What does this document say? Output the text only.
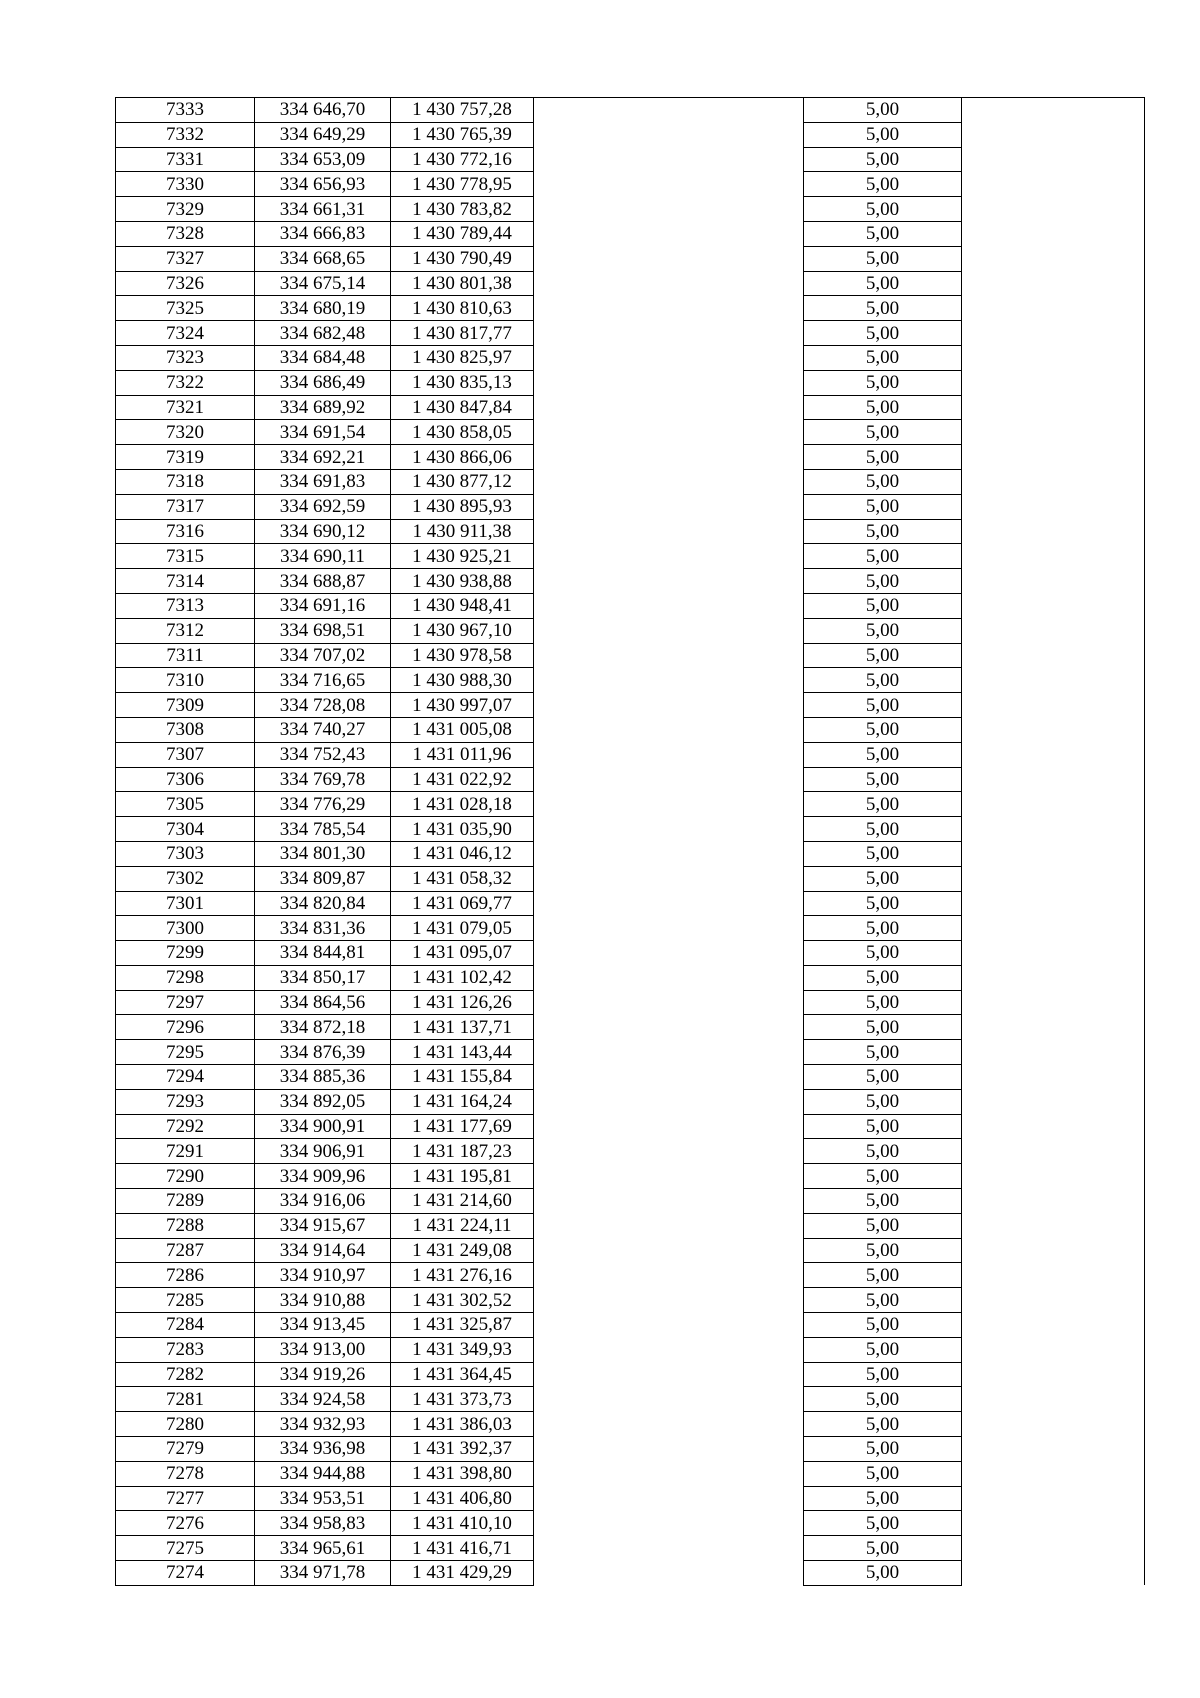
7333	334 646,70	1 430 757,28		5,00	
7332	334 649,29	1 430 765,39		5,00	
7331	334 653,09	1 430 772,16		5,00	
7330	334 656,93	1 430 778,95		5,00	
7329	334 661,31	1 430 783,82		5,00	
7328	334 666,83	1 430 789,44		5,00	
7327	334 668,65	1 430 790,49		5,00	
7326	334 675,14	1 430 801,38		5,00	
7325	334 680,19	1 430 810,63		5,00	
7324	334 682,48	1 430 817,77		5,00	
7323	334 684,48	1 430 825,97		5,00	
7322	334 686,49	1 430 835,13		5,00	
7321	334 689,92	1 430 847,84		5,00	
7320	334 691,54	1 430 858,05		5,00	
7319	334 692,21	1 430 866,06		5,00	
7318	334 691,83	1 430 877,12		5,00	
7317	334 692,59	1 430 895,93		5,00	
7316	334 690,12	1 430 911,38		5,00	
7315	334 690,11	1 430 925,21		5,00	
7314	334 688,87	1 430 938,88		5,00	
7313	334 691,16	1 430 948,41		5,00	
7312	334 698,51	1 430 967,10		5,00	
7311	334 707,02	1 430 978,58		5,00	
7310	334 716,65	1 430 988,30		5,00	
7309	334 728,08	1 430 997,07		5,00	
7308	334 740,27	1 431 005,08		5,00	
7307	334 752,43	1 431 011,96		5,00	
7306	334 769,78	1 431 022,92		5,00	
7305	334 776,29	1 431 028,18		5,00	
7304	334 785,54	1 431 035,90		5,00	
7303	334 801,30	1 431 046,12		5,00	
7302	334 809,87	1 431 058,32		5,00	
7301	334 820,84	1 431 069,77		5,00	
7300	334 831,36	1 431 079,05		5,00	
7299	334 844,81	1 431 095,07		5,00	
7298	334 850,17	1 431 102,42		5,00	
7297	334 864,56	1 431 126,26		5,00	
7296	334 872,18	1 431 137,71		5,00	
7295	334 876,39	1 431 143,44		5,00	
7294	334 885,36	1 431 155,84		5,00	
7293	334 892,05	1 431 164,24		5,00	
7292	334 900,91	1 431 177,69		5,00	
7291	334 906,91	1 431 187,23		5,00	
7290	334 909,96	1 431 195,81		5,00	
7289	334 916,06	1 431 214,60		5,00	
7288	334 915,67	1 431 224,11		5,00	
7287	334 914,64	1 431 249,08		5,00	
7286	334 910,97	1 431 276,16		5,00	
7285	334 910,88	1 431 302,52		5,00	
7284	334 913,45	1 431 325,87		5,00	
7283	334 913,00	1 431 349,93		5,00	
7282	334 919,26	1 431 364,45		5,00	
7281	334 924,58	1 431 373,73		5,00	
7280	334 932,93	1 431 386,03		5,00	
7279	334 936,98	1 431 392,37		5,00	
7278	334 944,88	1 431 398,80		5,00	
7277	334 953,51	1 431 406,80		5,00	
7276	334 958,83	1 431 410,10		5,00	
7275	334 965,61	1 431 416,71		5,00	
7274	334 971,78	1 431 429,29		5,00	
